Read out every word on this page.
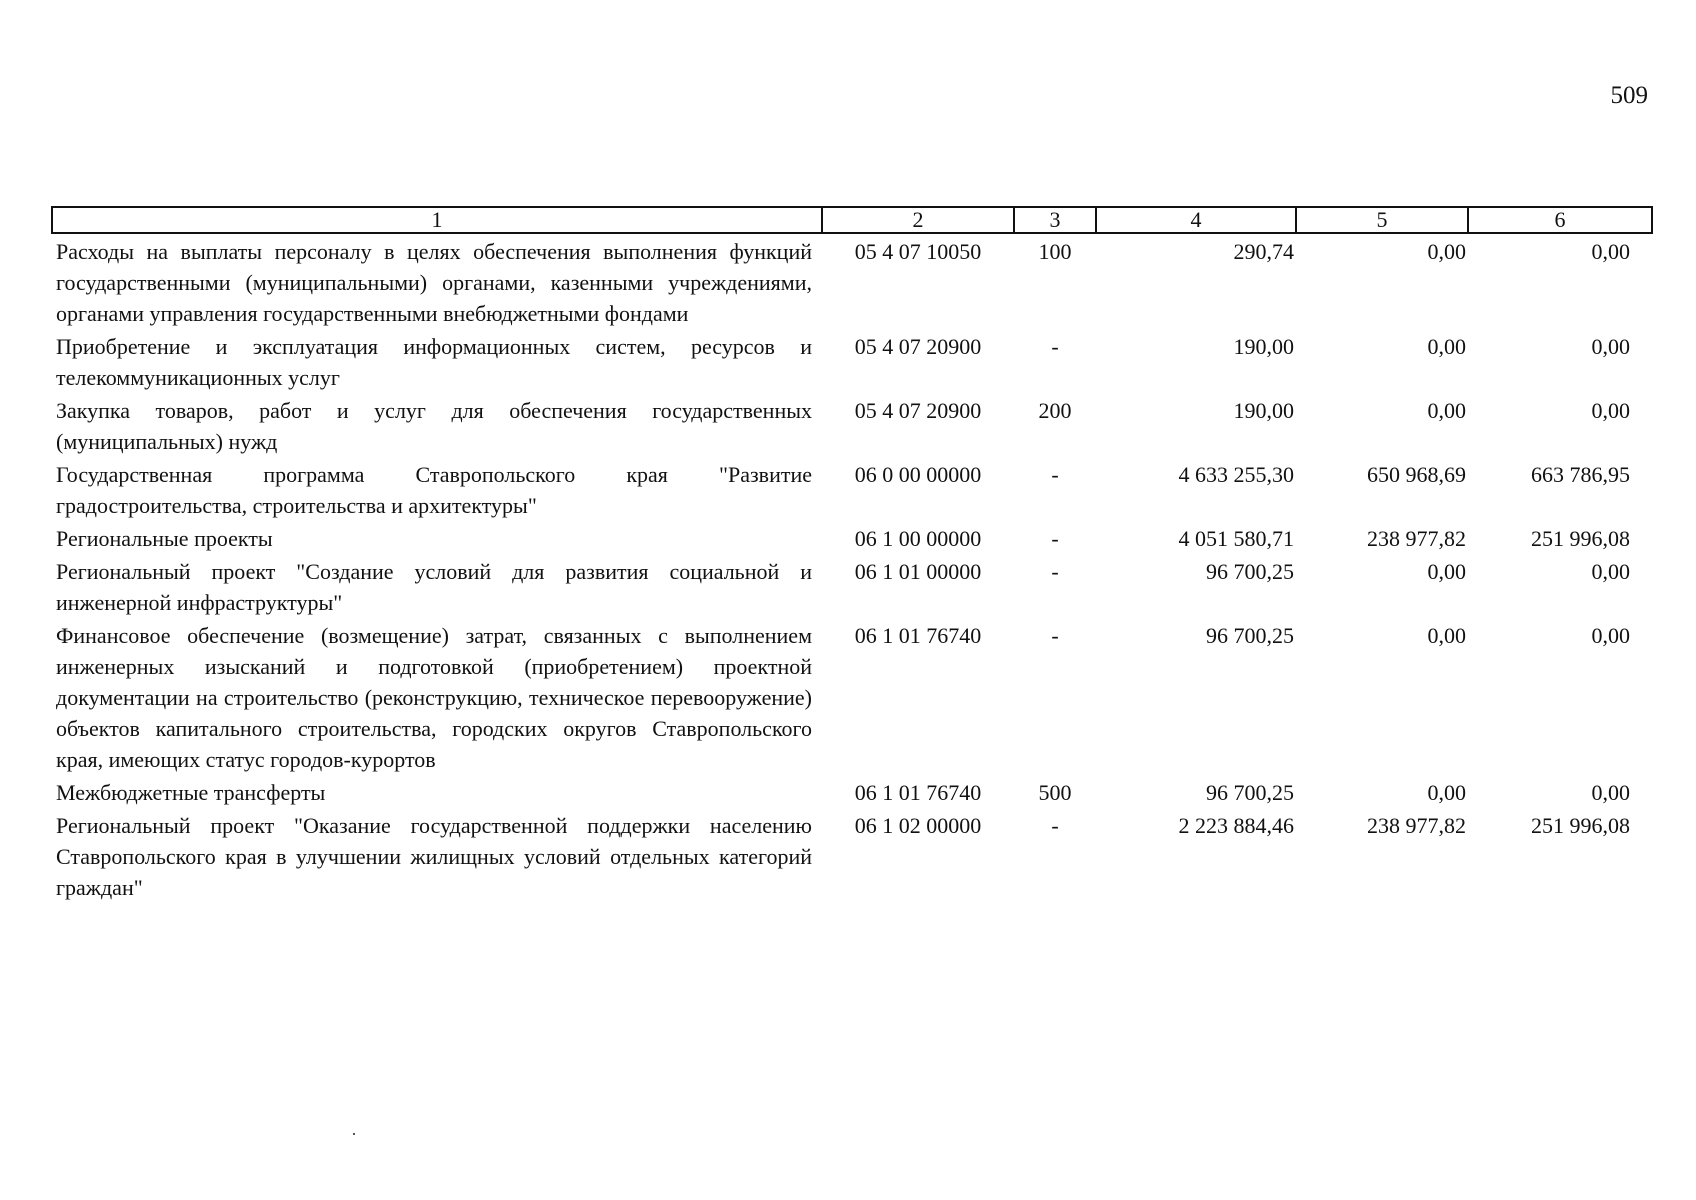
509
1	2	3	4	5	6
Расходы на выплаты персоналу в целях обеспечения выполнения функций государственными (муниципальными) органами, казенными учреждениями, органами управления государственными внебюджетными фондами	05 4 07 10050	100	290,74	0,00	0,00
Приобретение и эксплуатация информационных систем, ресурсов и телекоммуникационных услуг	05 4 07 20900	-	190,00	0,00	0,00
Закупка товаров, работ и услуг для обеспечения государственных (муниципальных) нужд	05 4 07 20900	200	190,00	0,00	0,00
Государственная программа Ставропольского края "Развитие градостроительства, строительства и архитектуры"	06 0 00 00000	-	4 633 255,30	650 968,69	663 786,95
Региональные проекты	06 1 00 00000	-	4 051 580,71	238 977,82	251 996,08
Региональный проект "Создание условий для развития социальной и инженерной инфраструктуры"	06 1 01 00000	-	96 700,25	0,00	0,00
Финансовое обеспечение (возмещение) затрат, связанных с выполнением инженерных изысканий и подготовкой (приобретением) проектной документации на строительство (реконструкцию, техническое перевооружение) объектов капитального строительства, городских округов Ставропольского края, имеющих статус городов-курортов	06 1 01 76740	-	96 700,25	0,00	0,00
Межбюджетные трансферты	06 1 01 76740	500	96 700,25	0,00	0,00
Региональный проект "Оказание государственной поддержки населению Ставропольского края в улучшении жилищных условий отдельных категорий граждан"	06 1 02 00000	-	2 223 884,46	238 977,82	251 996,08
